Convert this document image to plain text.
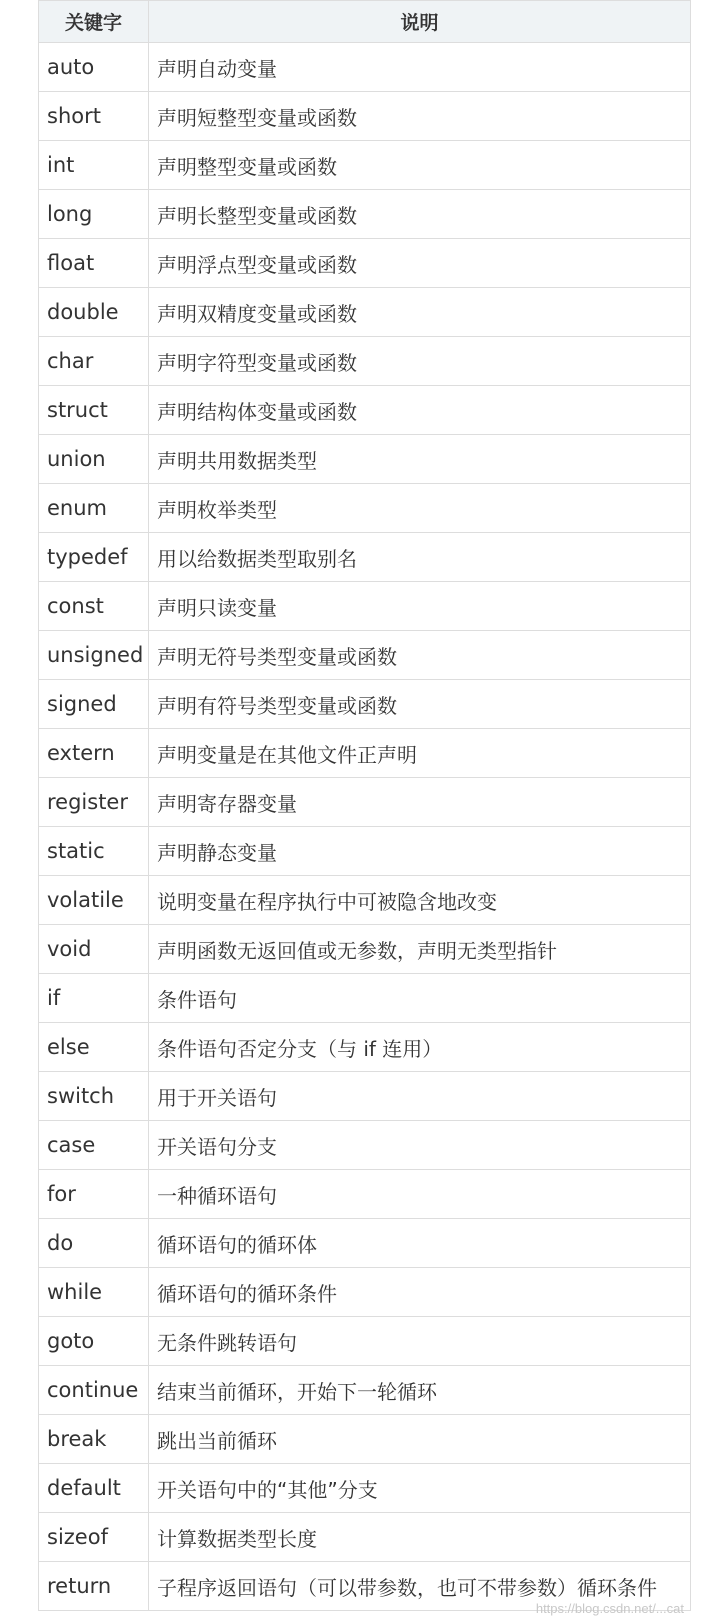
关键字	说明
auto	声明自动变量
short	声明短整型变量或函数
int	声明整型变量或函数
long	声明长整型变量或函数
float	声明浮点型变量或函数
double	声明双精度变量或函数
char	声明字符型变量或函数
struct	声明结构体变量或函数
union	声明共用数据类型
enum	声明枚举类型
typedef	用以给数据类型取别名
const	声明只读变量
unsigned	声明无符号类型变量或函数
signed	声明有符号类型变量或函数
extern	声明变量是在其他文件正声明
register	声明寄存器变量
static	声明静态变量
volatile	说明变量在程序执行中可被隐含地改变
void	声明函数无返回值或无参数，声明无类型指针
if	条件语句
else	条件语句否定分支（与 if 连用）
switch	用于开关语句
case	开关语句分支
for	一种循环语句
do	循环语句的循环体
while	循环语句的循环条件
goto	无条件跳转语句
continue	结束当前循环，开始下一轮循环
break	跳出当前循环
default	开关语句中的“其他”分支
sizeof	计算数据类型长度
return	子程序返回语句（可以带参数，也可不带参数）循环条件
https://blog.csdn.net/...cat
